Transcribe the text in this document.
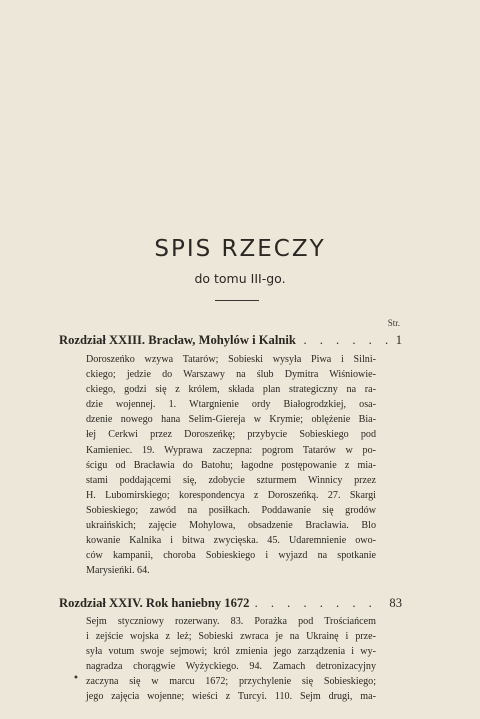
SPIS RZECZY
do tomu III-go.
Str.
. . . . . .
Rozdział XXIII. Bracław, Mohylów i Kalnik	1
Doroszeńko wzywa Tatarów; Sobieski wysyła Piwa i Silni-
ckiego; jedzie do Warszawy na ślub Dymitra Wiśniowie-
ckiego, godzi się z królem, składa plan strategiczny na ra-
dzie wojennej. 1. Wtargnienie ordy Białogrodzkiej, osa-
dzenie nowego hana Selim-Giereja w Krymie; oblężenie Bia-
łej Cerkwi przez Doroszeńkę; przybycie Sobieskiego pod
Kamieniec. 19. Wyprawa zaczepna: pogrom Tatarów w po-
ścigu od Bracławia do Batohu; łagodne postępowanie z mia-
stami poddającemi się, zdobycie szturmem Winnicy przez
H. Lubomirskiego; korespondencya z Doroszeńką. 27. Skargi
Sobieskiego; zawód na posiłkach. Poddawanie się grodów
ukraińskich; zajęcie Mohylowa, obsadzenie Bracławia. Blo
kowanie Kalnika i bitwa zwycięska. 45. Udaremnienie owo-
ców kampanii, choroba Sobieskiego i wyjazd na spotkanie
Marysieńki. 64.
. . . . . . . .
Rozdział XXIV. Rok haniebny 1672	83
Sejm styczniowy rozerwany. 83. Porażka pod Trościańcem
i zejście wojska z leż; Sobieski zwraca je na Ukrainę i prze-
syła votum swoje sejmowi; król zmienia jego zarządzenia i wy-
nagradza chorągwie Wyżyckiego. 94. Zamach detronizacyjny
zaczyna się w marcu 1672; przychylenie się Sobieskiego;
jego zajęcia wojenne; wieści z Turcyi. 110. Sejm drugi, ma-
•
